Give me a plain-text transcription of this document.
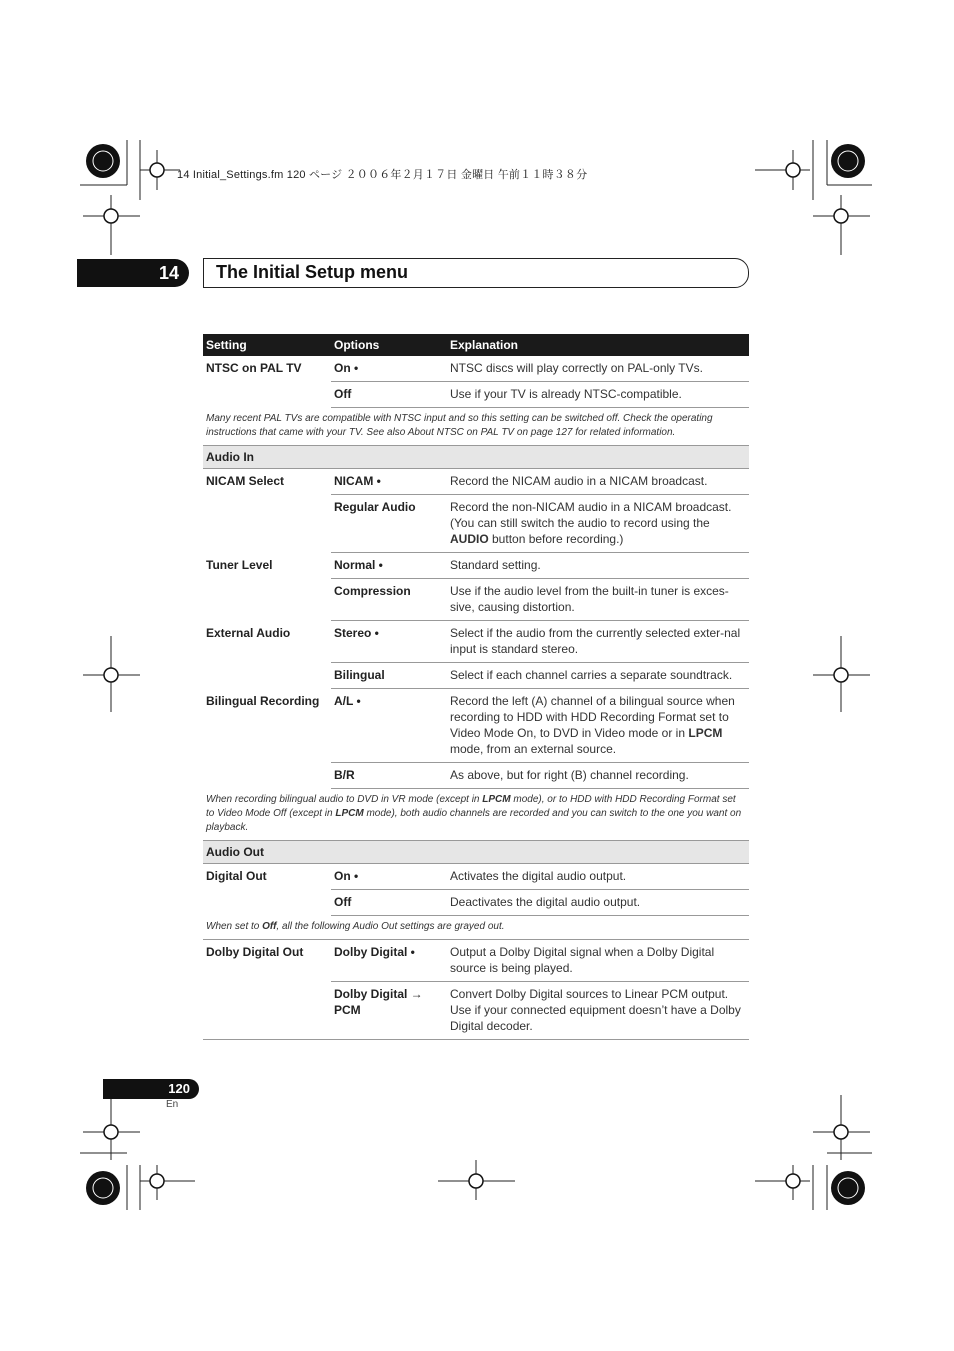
14 Initial_Settings.fm 120 ページ ２００６年２月１７日 金曜日 午前１１時３８分
14	The Initial Setup menu
Setting	Options	Explanation
NTSC on PAL TV	On •	NTSC discs will play correctly on PAL-only TVs.
	Off	Use if your TV is already NTSC-compatible.
Many recent PAL TVs are compatible with NTSC input and so this setting can be switched off. Check the operating instructions that came with your TV. See also About NTSC on PAL TV on page 127 for related information.		
Audio In		
NICAM Select	NICAM •	Record the NICAM audio in a NICAM broadcast.
	Regular Audio	Record the non-NICAM audio in a NICAM broadcast. (You can still switch the audio to record using the AUDIO button before recording.)
Tuner Level	Normal •	Standard setting.
	Compression	Use if the audio level from the built-in tuner is exces-sive, causing distortion.
External Audio	Stereo •	Select if the audio from the currently selected exter-nal input is standard stereo.
	Bilingual	Select if each channel carries a separate soundtrack.
Bilingual Recording	A/L •	Record the left (A) channel of a bilingual source when recording to HDD with HDD Recording Format set to Video Mode On, to DVD in Video mode or in LPCM mode, from an external source.
	B/R	As above, but for right (B) channel recording.
When recording bilingual audio to DVD in VR mode (except in LPCM mode), or to HDD with HDD Recording Format set to Video Mode Off (except in LPCM mode), both audio channels are recorded and you can switch to the one you want on playback.		
Audio Out		
Digital Out	On •	Activates the digital audio output.
	Off	Deactivates the digital audio output.
When set to Off, all the following Audio Out settings are grayed out.		
Dolby Digital Out	Dolby Digital •	Output a Dolby Digital signal when a Dolby Digital source is being played.
	Dolby Digital → PCM	Convert Dolby Digital sources to Linear PCM output. Use if your connected equipment doesn’t have a Dolby Digital decoder.
120
En
